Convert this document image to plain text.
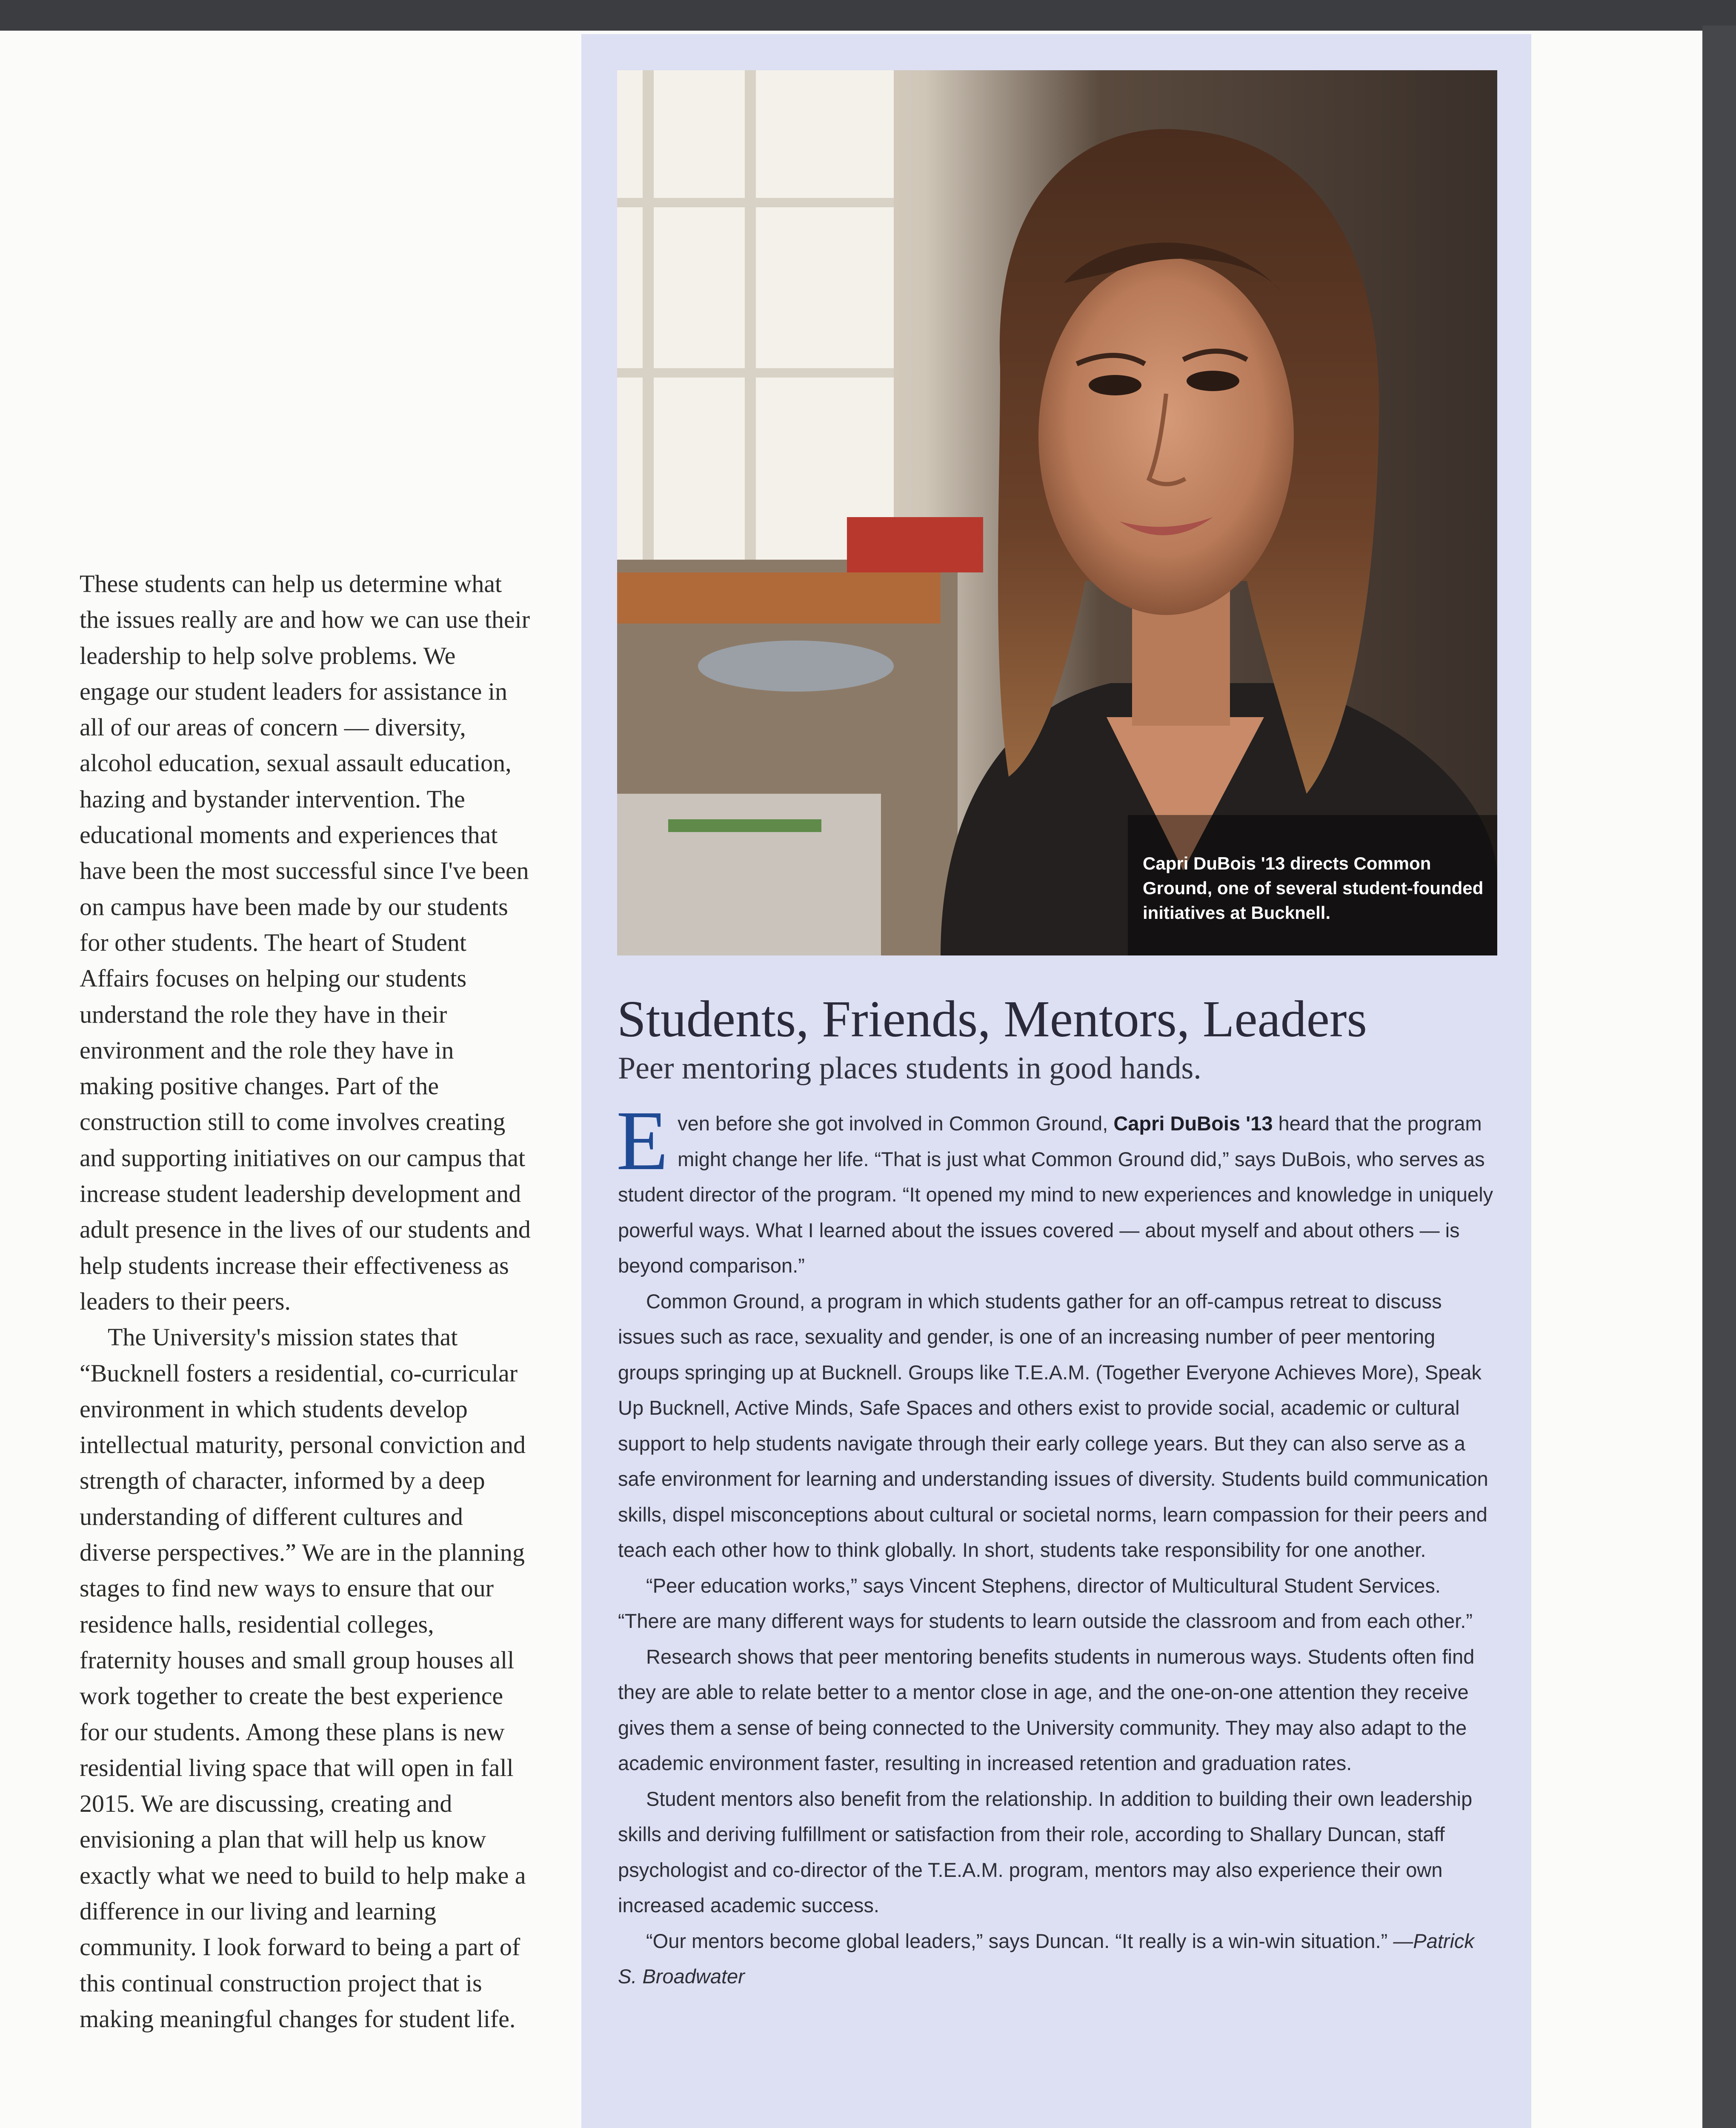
These students can help us determine what the issues really are and how we can use their leadership to help solve problems. We engage our student leaders for assistance in all of our areas of concern — diversity, alcohol education, sexual assault education, hazing and bystander intervention. The educational moments and experiences that have been the most successful since I've been on campus have been made by our students for other students. The heart of Student Affairs focuses on helping our students understand the role they have in their environment and the role they have in making positive changes. Part of the construction still to come involves creating and supporting initiatives on our campus that increase student leadership development and adult presence in the lives of our students and help students increase their effectiveness as leaders to their peers.

The University's mission states that “Bucknell fosters a residential, co-curricular environment in which students develop intellectual maturity, personal conviction and strength of character, informed by a deep understanding of different cultures and diverse perspectives.” We are in the planning stages to find new ways to ensure that our residence halls, residential colleges, fraternity houses and small group houses all work together to create the best experience for our students. Among these plans is new residential living space that will open in fall 2015. We are discussing, creating and envisioning a plan that will help us know exactly what we need to build to help make a difference in our living and learning community. I look forward to being a part of this continual construction project that is making meaningful changes for student life.

Capri DuBois '13 directs Common Ground, one of several student-founded initiatives at Bucknell.
Students, Friends, Mentors, Leaders
Peer mentoring places students in good hands.

Even before she got involved in Common Ground, Capri DuBois '13 heard that the program might change her life. “That is just what Common Ground did,” says DuBois, who serves as student director of the program. “It opened my mind to new experiences and knowledge in uniquely powerful ways. What I learned about the issues covered — about myself and about others — is beyond comparison.”

Common Ground, a program in which students gather for an off-campus retreat to discuss issues such as race, sexuality and gender, is one of an increasing number of peer mentoring groups springing up at Bucknell. Groups like T.E.A.M. (Together Everyone Achieves More), Speak Up Bucknell, Active Minds, Safe Spaces and others exist to provide social, academic or cultural support to help students navigate through their early college years. But they can also serve as a safe environment for learning and understanding issues of diversity. Students build communication skills, dispel misconceptions about cultural or societal norms, learn compassion for their peers and teach each other how to think globally. In short, students take responsibility for one another.

“Peer education works,” says Vincent Stephens, director of Multicultural Student Services. “There are many different ways for students to learn outside the classroom and from each other.”

Research shows that peer mentoring benefits students in numerous ways. Students often find they are able to relate better to a mentor close in age, and the one-on-one attention they receive gives them a sense of being connected to the University community. They may also adapt to the academic environment faster, resulting in increased retention and graduation rates.

Student mentors also benefit from the relationship. In addition to building their own leadership skills and deriving fulfillment or satisfaction from their role, according to Shallary Duncan, staff psychologist and co-director of the T.E.A.M. program, mentors may also experience their own increased academic success.

“Our mentors become global leaders,” says Duncan. “It really is a win-win situation.” —Patrick S. Broadwater
